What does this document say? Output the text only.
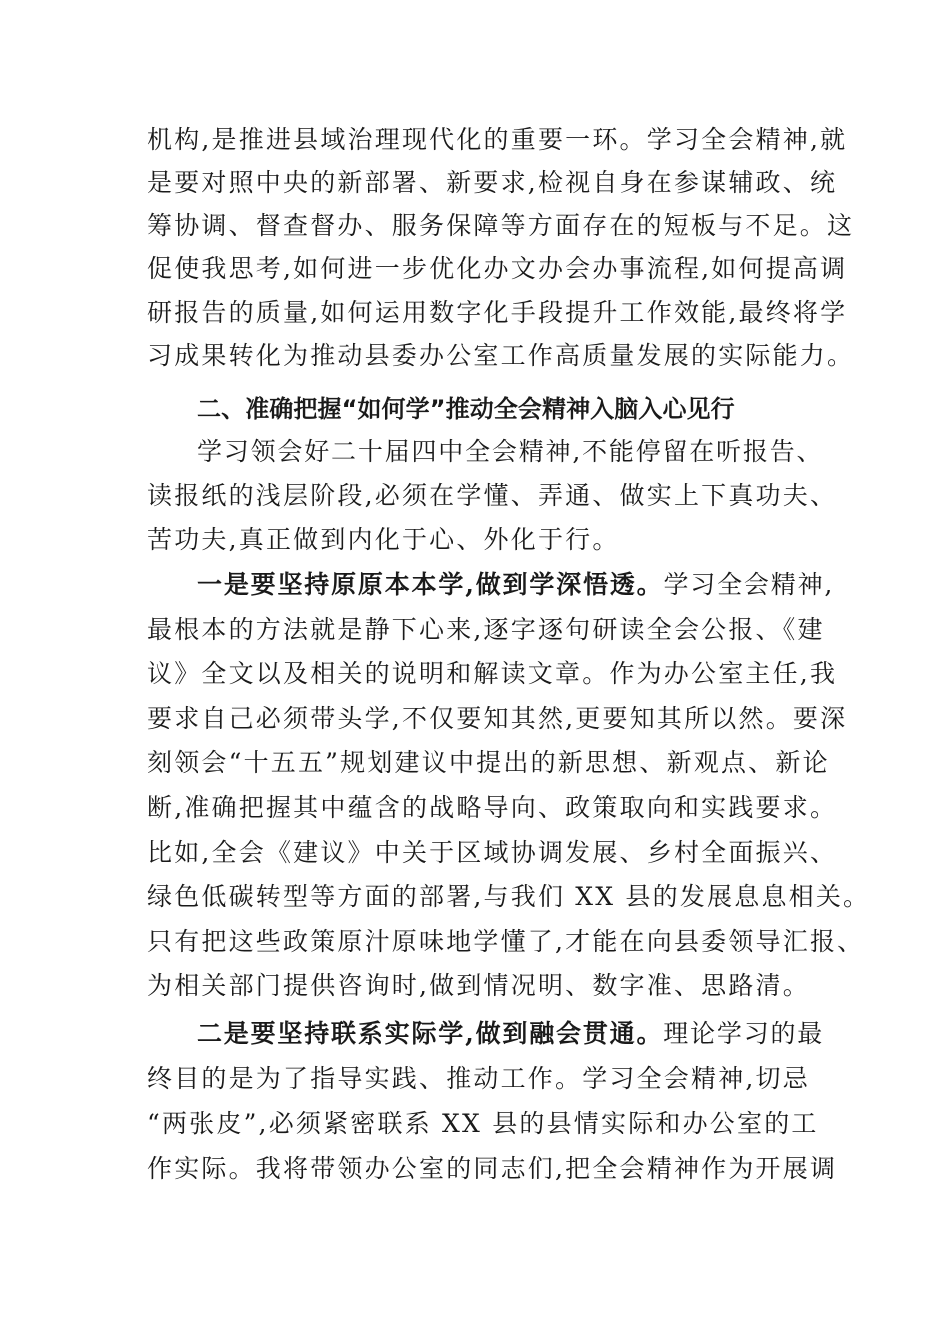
机构,是推进县域治理现代化的重要一环。学习全会精神,就
是要对照中央的新部署、新要求,检视自身在参谋辅政、统
筹协调、督查督办、服务保障等方面存在的短板与不足。这
促使我思考,如何进一步优化办文办会办事流程,如何提高调
研报告的质量,如何运用数字化手段提升工作效能,最终将学
习成果转化为推动县委办公室工作高质量发展的实际能力。
二、准确把握“如何学”推动全会精神入脑入心见行
学习领会好二十届四中全会精神,不能停留在听报告、
读报纸的浅层阶段,必须在学懂、弄通、做实上下真功夫、
苦功夫,真正做到内化于心、外化于行。
一是要坚持原原本本学,做到学深悟透。学习全会精神,
最根本的方法就是静下心来,逐字逐句研读全会公报、《建
议》全文以及相关的说明和解读文章。作为办公室主任,我
要求自己必须带头学,不仅要知其然,更要知其所以然。要深
刻领会“十五五”规划建议中提出的新思想、新观点、新论
断,准确把握其中蕴含的战略导向、政策取向和实践要求。
比如,全会《建议》中关于区域协调发展、乡村全面振兴、
绿色低碳转型等方面的部署,与我们 XX 县的发展息息相关。
只有把这些政策原汁原味地学懂了,才能在向县委领导汇报、
为相关部门提供咨询时,做到情况明、数字准、思路清。
二是要坚持联系实际学,做到融会贯通。理论学习的最
终目的是为了指导实践、推动工作。学习全会精神,切忌
“两张皮”,必须紧密联系 XX 县的县情实际和办公室的工
作实际。我将带领办公室的同志们,把全会精神作为开展调
